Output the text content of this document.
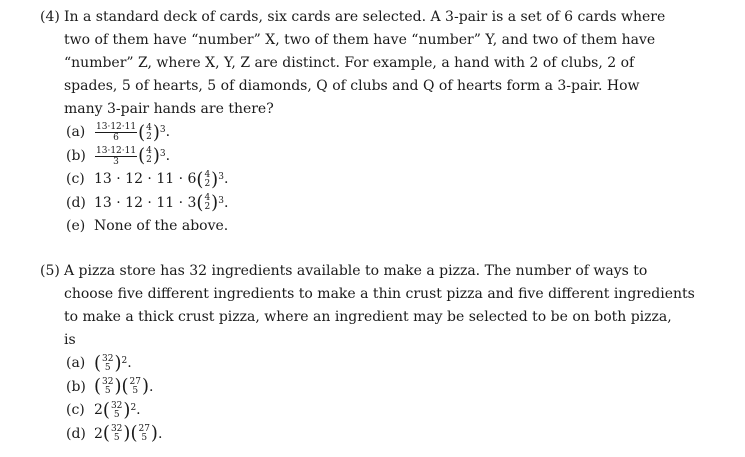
(4) In a standard deck of cards, six cards are selected. A 3-pair is a set of 6 cards where
two of them have “number” X, two of them have “number” Y, and two of them have
“number” Z, where X, Y, Z are distinct. For example, a hand with 2 of clubs, 2 of
spades, 5 of hearts, 5 of diamonds, Q of clubs and Q of hearts form a 3-pair. How
many 3-pair hands are there?
(a)	$\frac{13\cdot 12\cdot 11}{6}$ ( 4
2 )$^3$ .
(b)	$\frac{13\cdot 12\cdot 11}{3}$ ( 4
2 )$^3$ .
(c) 13 · 12 · 11 · 6 ( 4
2 )$^3$ .
(d) 13 · 12 · 11 · 3 ( 4
2 )$^3$ .
(e) None of the above.
(5) A pizza store has 32 ingredients available to make a pizza. The number of ways to
choose five different ingredients to make a thin crust pizza and five different ingredients
to make a thick crust pizza, where an ingredient may be selected to be on both pizza,
is
(a) ( 32
5 )$^2$ .
(b) ( 32
5 ) ( 27
5 ) .
(c) 2 ( 32
5 )$^2$ .
(d) 2 ( 32
5 ) ( 27
5 ) .
